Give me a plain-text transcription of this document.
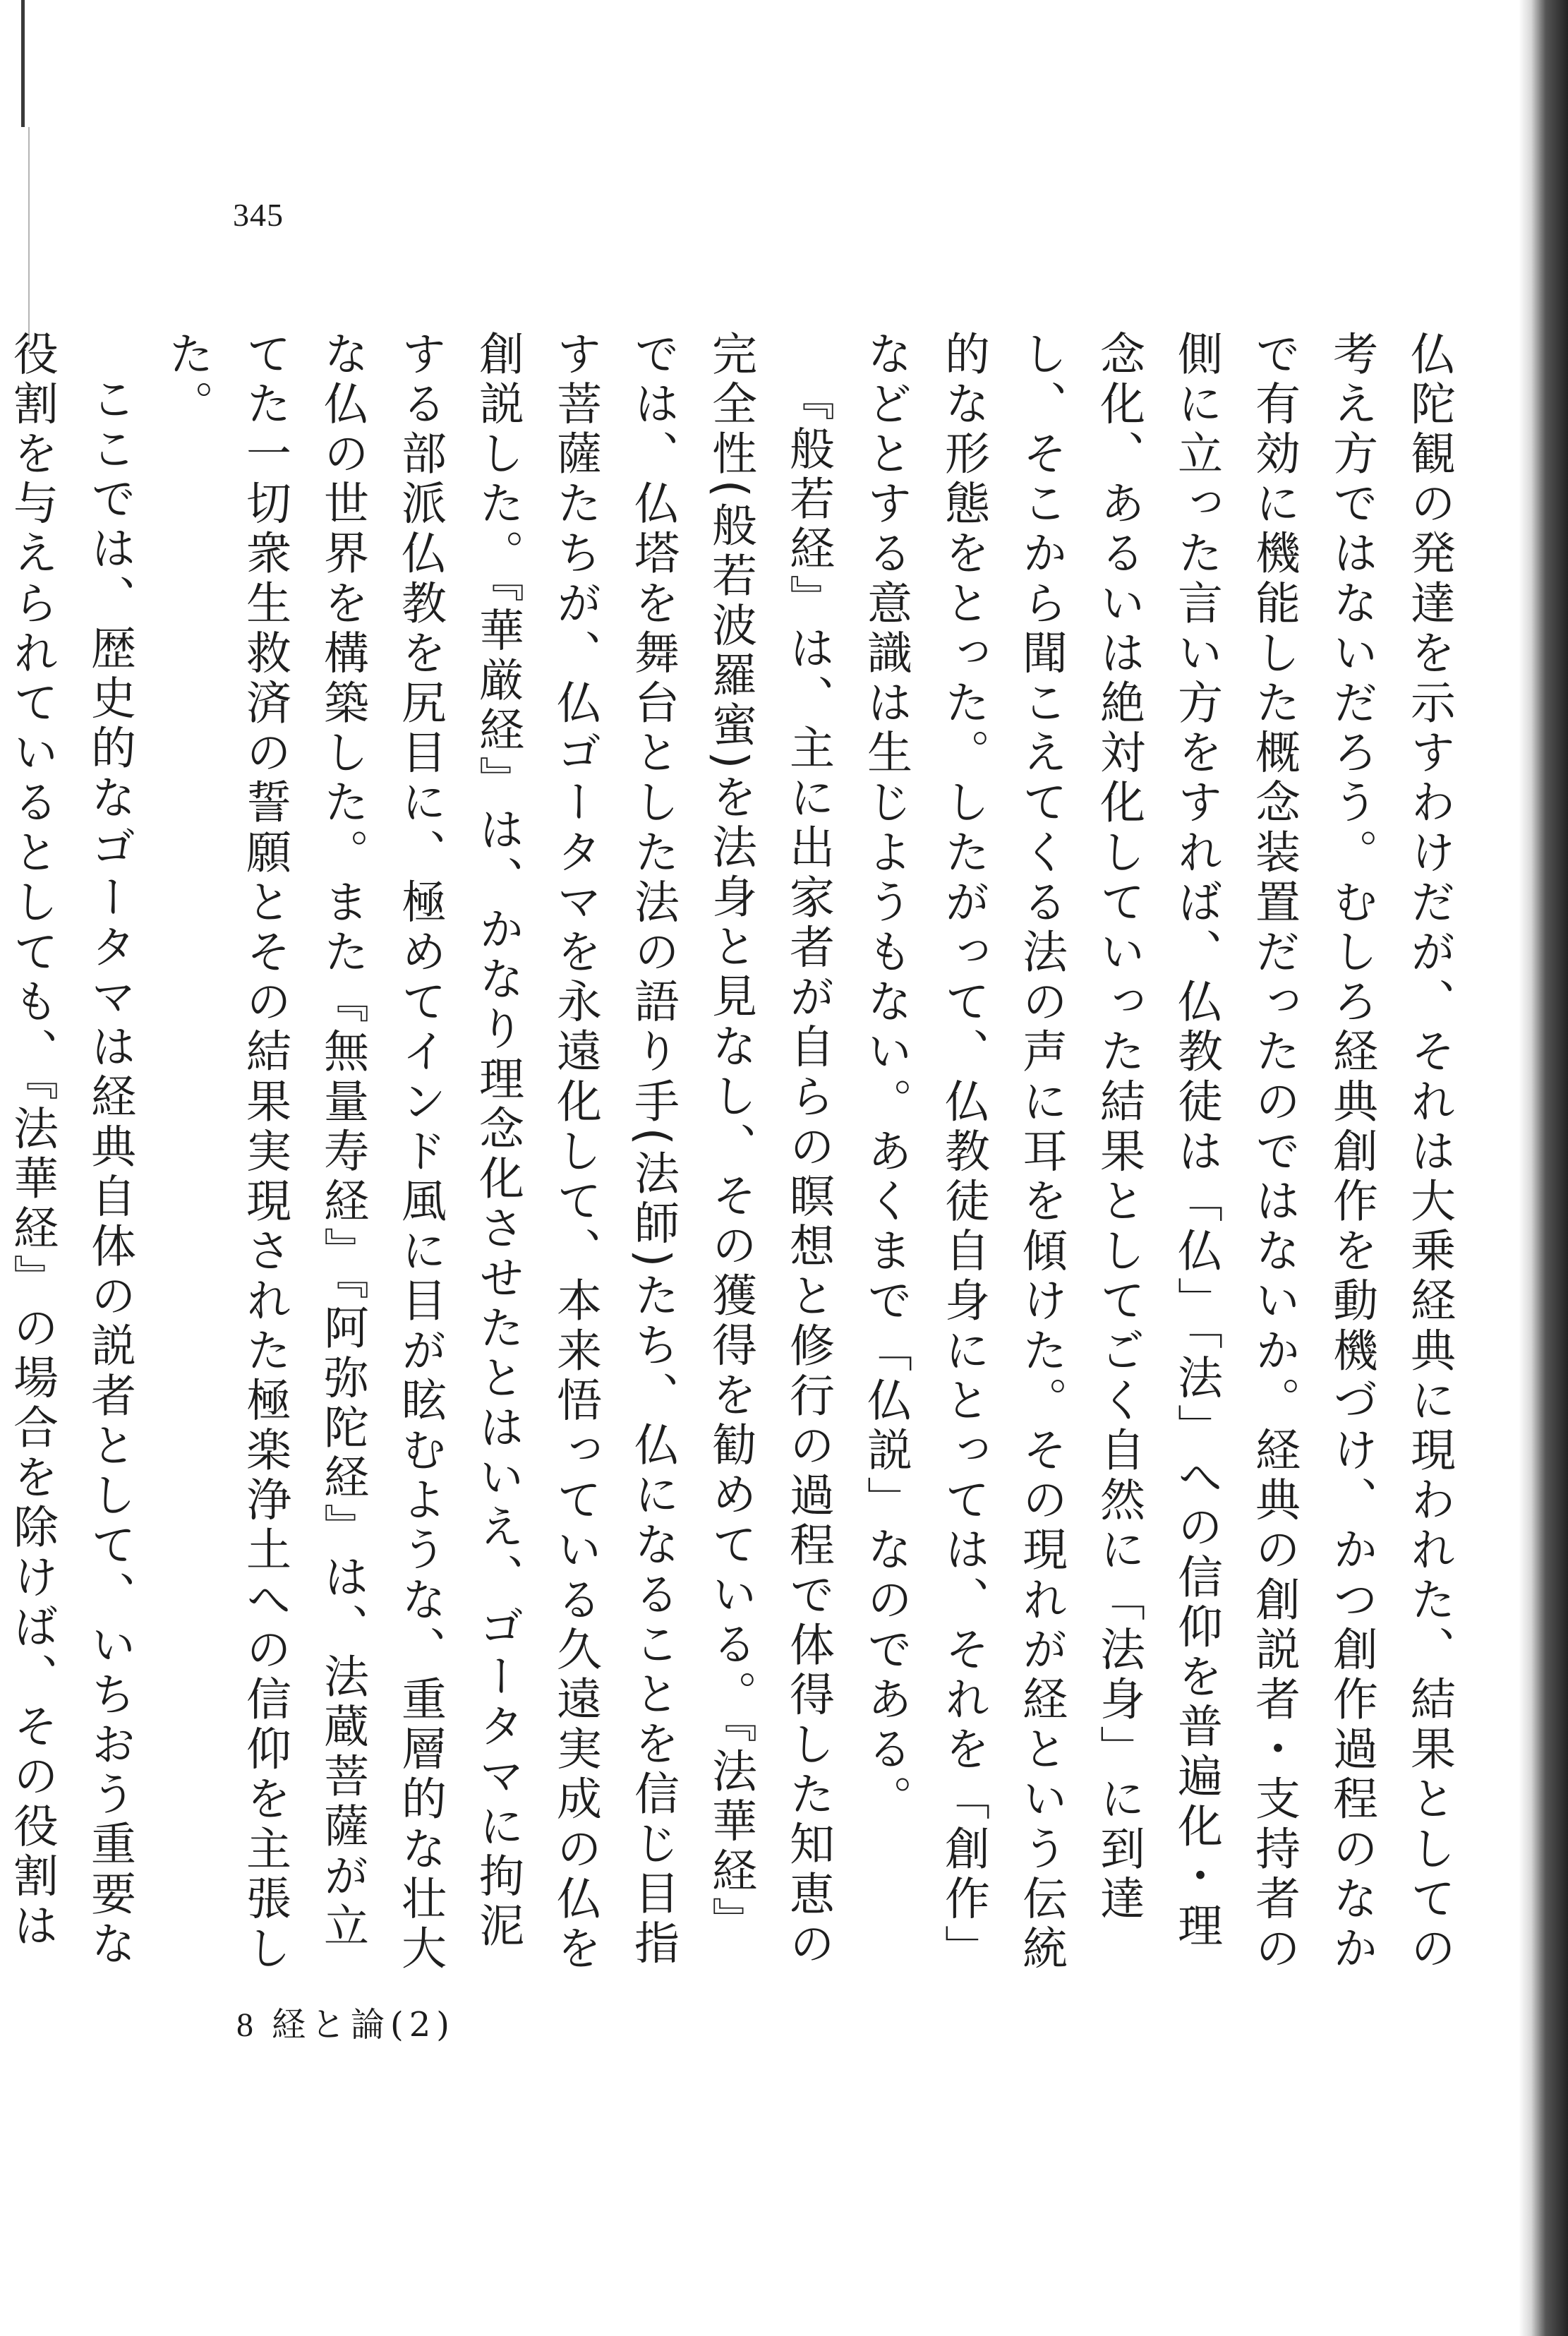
345

仏陀観の発達を示すわけだが、それは大乗経典に現われた、結果としての考え方ではないだろう。むしろ経典創作を動機づけ、かつ創作過程のなかで有効に機能した概念装置だったのではないか。経典の創説者・支持者の側に立った言い方をすれば、仏教徒は「仏」「法」への信仰を普遍化・理念化、あるいは絶対化していった結果としてごく自然に「法身」に到達し、そこから聞こえてくる法の声に耳を傾けた。その現れが経という伝統的な形態をとった。したがって、仏教徒自身にとっては、それを「創作」などとする意識は生じようもない。あくまで「仏説」なのである。

『般若経』は、主に出家者が自らの瞑想と修行の過程で体得した知恵の完全性(般若波羅蜜)を法身と見なし、その獲得を勧めている。『法華経』では、仏塔を舞台とした法の語り手(法師)たち、仏になることを信じ目指す菩薩たちが、仏ゴータマを永遠化して、本来悟っている久遠実成の仏を創説した。『華厳経』は、かなり理念化させたとはいえ、ゴータマに拘泥する部派仏教を尻目に、極めてインド風に目が眩むような、重層的な壮大な仏の世界を構築した。また『無量寿経』『阿弥陀経』は、法蔵菩薩が立てた一切衆生救済の誓願とその結果実現された極楽浄土への信仰を主張した。

ここでは、歴史的なゴータマは経典自体の説者として、いちおう重要な役割を与えられているとしても、『法華経』の場合を除けば、その役割は

8 経と論(2)
